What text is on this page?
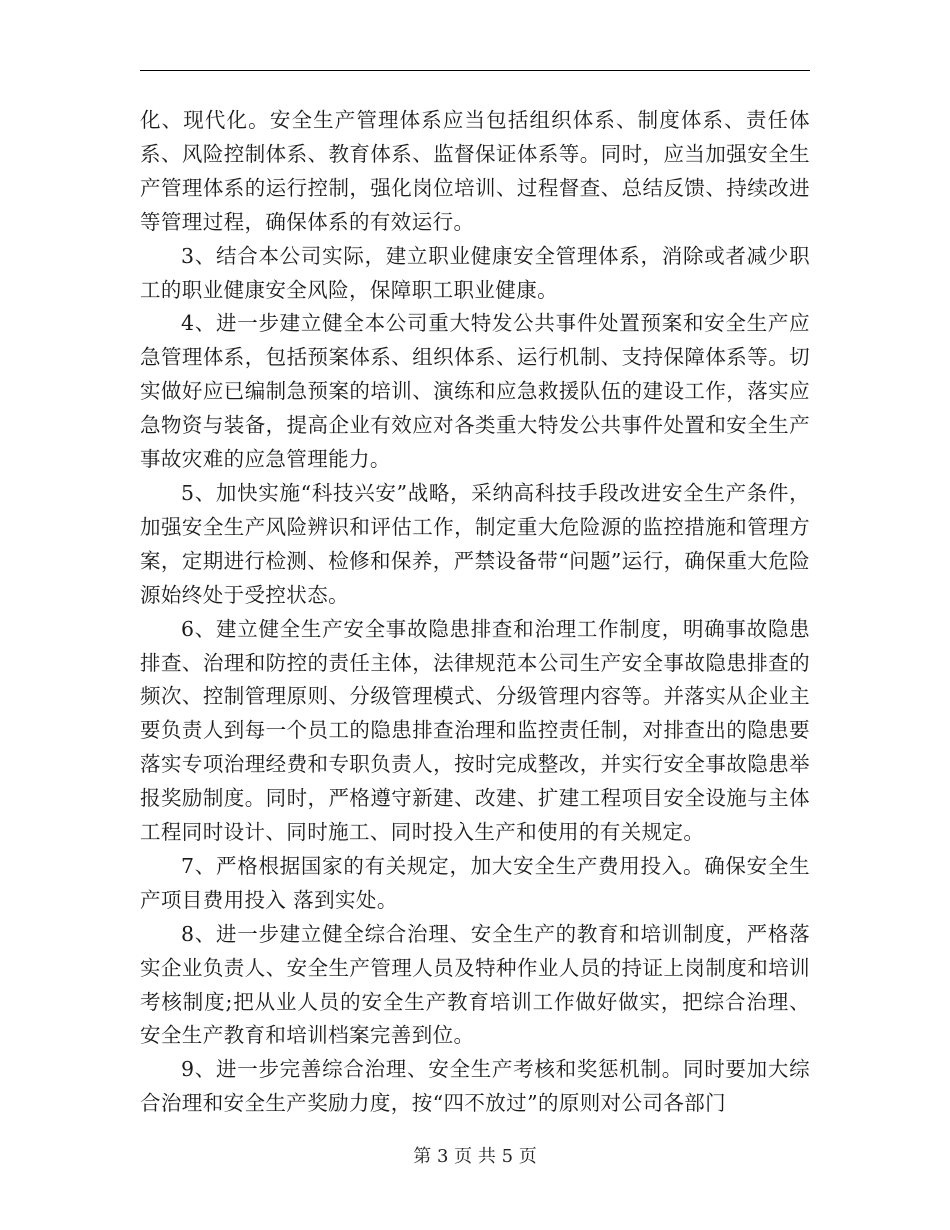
化、现代化。安全生产管理体系应当包括组织体系、制度体系、责任体系、风险控制体系、教育体系、监督保证体系等。同时，应当加强安全生产管理体系的运行控制，强化岗位培训、过程督查、总结反馈、持续改进等管理过程，确保体系的有效运行。

3、结合本公司实际，建立职业健康安全管理体系，消除或者减少职工的职业健康安全风险，保障职工职业健康。

4、进一步建立健全本公司重大特发公共事件处置预案和安全生产应急管理体系，包括预案体系、组织体系、运行机制、支持保障体系等。切实做好应已编制急预案的培训、演练和应急救援队伍的建设工作，落实应急物资与装备，提高企业有效应对各类重大特发公共事件处置和安全生产事故灾难的应急管理能力。

5、加快实施“科技兴安”战略，采纳高科技手段改进安全生产条件，加强安全生产风险辨识和评估工作，制定重大危险源的监控措施和管理方案，定期进行检测、检修和保养，严禁设备带“问题”运行，确保重大危险源始终处于受控状态。

6、建立健全生产安全事故隐患排查和治理工作制度，明确事故隐患排查、治理和防控的责任主体，法律规范本公司生产安全事故隐患排查的频次、控制管理原则、分级管理模式、分级管理内容等。并落实从企业主要负责人到每一个员工的隐患排查治理和监控责任制，对排查出的隐患要落实专项治理经费和专职负责人，按时完成整改，并实行安全事故隐患举报奖励制度。同时，严格遵守新建、改建、扩建工程项目安全设施与主体工程同时设计、同时施工、同时投入生产和使用的有关规定。

7、严格根据国家的有关规定，加大安全生产费用投入。确保安全生产项目费用投入 落到实处。

8、进一步建立健全综合治理、安全生产的教育和培训制度，严格落实企业负责人、安全生产管理人员及特种作业人员的持证上岗制度和培训考核制度;把从业人员的安全生产教育培训工作做好做实，把综合治理、安全生产教育和培训档案完善到位。

9、进一步完善综合治理、安全生产考核和奖惩机制。同时要加大综合治理和安全生产奖励力度，按“四不放过”的原则对公司各部门

第 3 页 共 5 页
